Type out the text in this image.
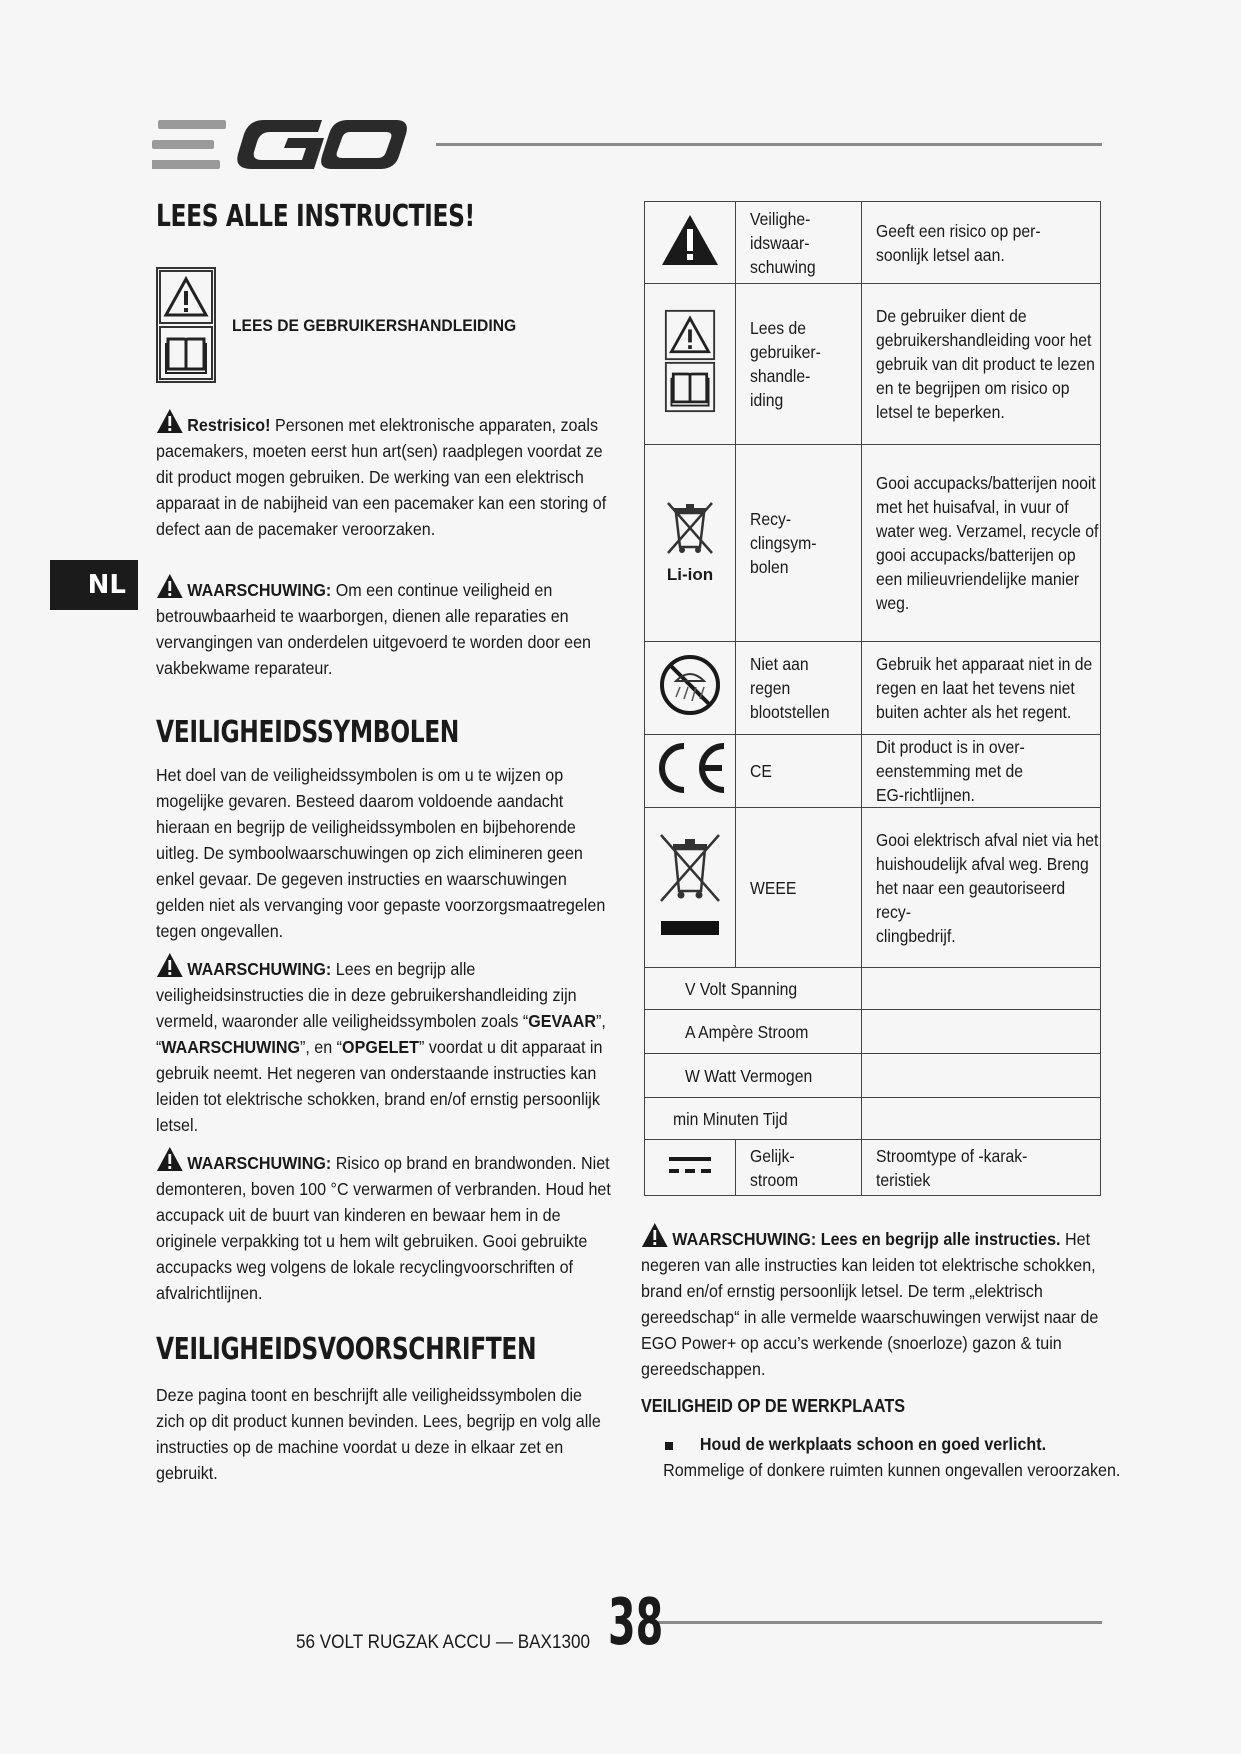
NL
LEES ALLE INSTRUCTIES!
LEES DE GEBRUIKERSHANDLEIDING

Restrisico! Personen met elektronische apparaten, zoals pacemakers, moeten eerst hun art(sen) raadplegen voordat ze dit product mogen gebruiken. De werking van een elektrisch apparaat in de nabijheid van een pacemaker kan een storing of defect aan de pacemaker veroorzaken.

WAARSCHUWING: Om een continue veiligheid en betrouwbaarheid te waarborgen, dienen alle reparaties en vervangingen van onderdelen uitgevoerd te worden door een vakbekwame reparateur.

VEILIGHEIDSSYMBOLEN

Het doel van de veiligheidssymbolen is om u te wijzen op mogelijke gevaren. Besteed daarom voldoende aandacht hieraan en begrijp de veiligheidssymbolen en bijbehorende uitleg. De symboolwaarschuwingen op zich elimineren geen enkel gevaar. De gegeven instructies en waarschuwingen gelden niet als vervanging voor gepaste voorzorgsmaatregelen tegen ongevallen.

WAARSCHUWING: Lees en begrijp alle veiligheidsinstructies die in deze gebruikershandleiding zijn vermeld, waaronder alle veiligheidssymbolen zoals “GEVAAR”, “WAARSCHUWING”, en “OPGELET” voordat u dit apparaat in gebruik neemt. Het negeren van onderstaande instructies kan leiden tot elektrische schokken, brand en/of ernstig persoonlijk letsel.

WAARSCHUWING: Risico op brand en brandwonden. Niet demonteren, boven 100 °C verwarmen of verbranden. Houd het accupack uit de buurt van kinderen en bewaar hem in de originele verpakking tot u hem wilt gebruiken. Gooi gebruikte accupacks weg volgens de lokale recyclingvoorschriften of afvalrichtlijnen.

VEILIGHEIDSVOORSCHRIFTEN

Deze pagina toont en beschrijft alle veiligheidssymbolen die zich op dit product kunnen bevinden. Lees, begrijp en volg alle instructies op de machine voordat u deze in elkaar zet en gebruikt.

Veilighe-
idswaar-
schuwing	Geeft een risico op per-
soonlijk letsel aan.

Lees de
gebruiker-
shandle-
iding	De gebruiker dient de gebruikershandleiding voor het gebruik van dit product te lezen en te begrijpen om risico op letsel te beperken.

Li-ion	Recy-
clingsym-
bolen	Gooi accupacks/batterijen nooit met het huisafval, in vuur of water weg. Verzamel, recycle of gooi accupacks/batterijen op een milieuvriendelijke manier weg.

Niet aan
regen
blootstellen	Gebruik het apparaat niet in de regen en laat het tevens niet buiten achter als het regent.

CE	Dit product is in over-
eenstemming met de
EG-richtlijnen.

WEEE	Gooi elektrisch afval niet via het huishoudelijk afval weg. Breng het naar een geautoriseerd recy-
clingbedrijf.

V Volt Spanning		

A Ampère Stroom		

W Watt Vermogen		

min Minuten Tijd		

Gelijk-
stroom	Stroomtype of -karak-
teristiek

WAARSCHUWING: Lees en begrijp alle instructies. Het negeren van alle instructies kan leiden tot elektrische schokken, brand en/of ernstig persoonlijk letsel. De term „elektrisch gereedschap“ in alle vermelde waarschuwingen verwijst naar de EGO Power+ op accu’s werkende (snoerloze) gazon & tuin gereedschappen.

VEILIGHEID OP DE WERKPLAATS

Houd de werkplaats schoon en goed verlicht. Rommelige of donkere ruimten kunnen ongevallen veroorzaken.

56 VOLT RUGZAK ACCU — BAX1300 38
